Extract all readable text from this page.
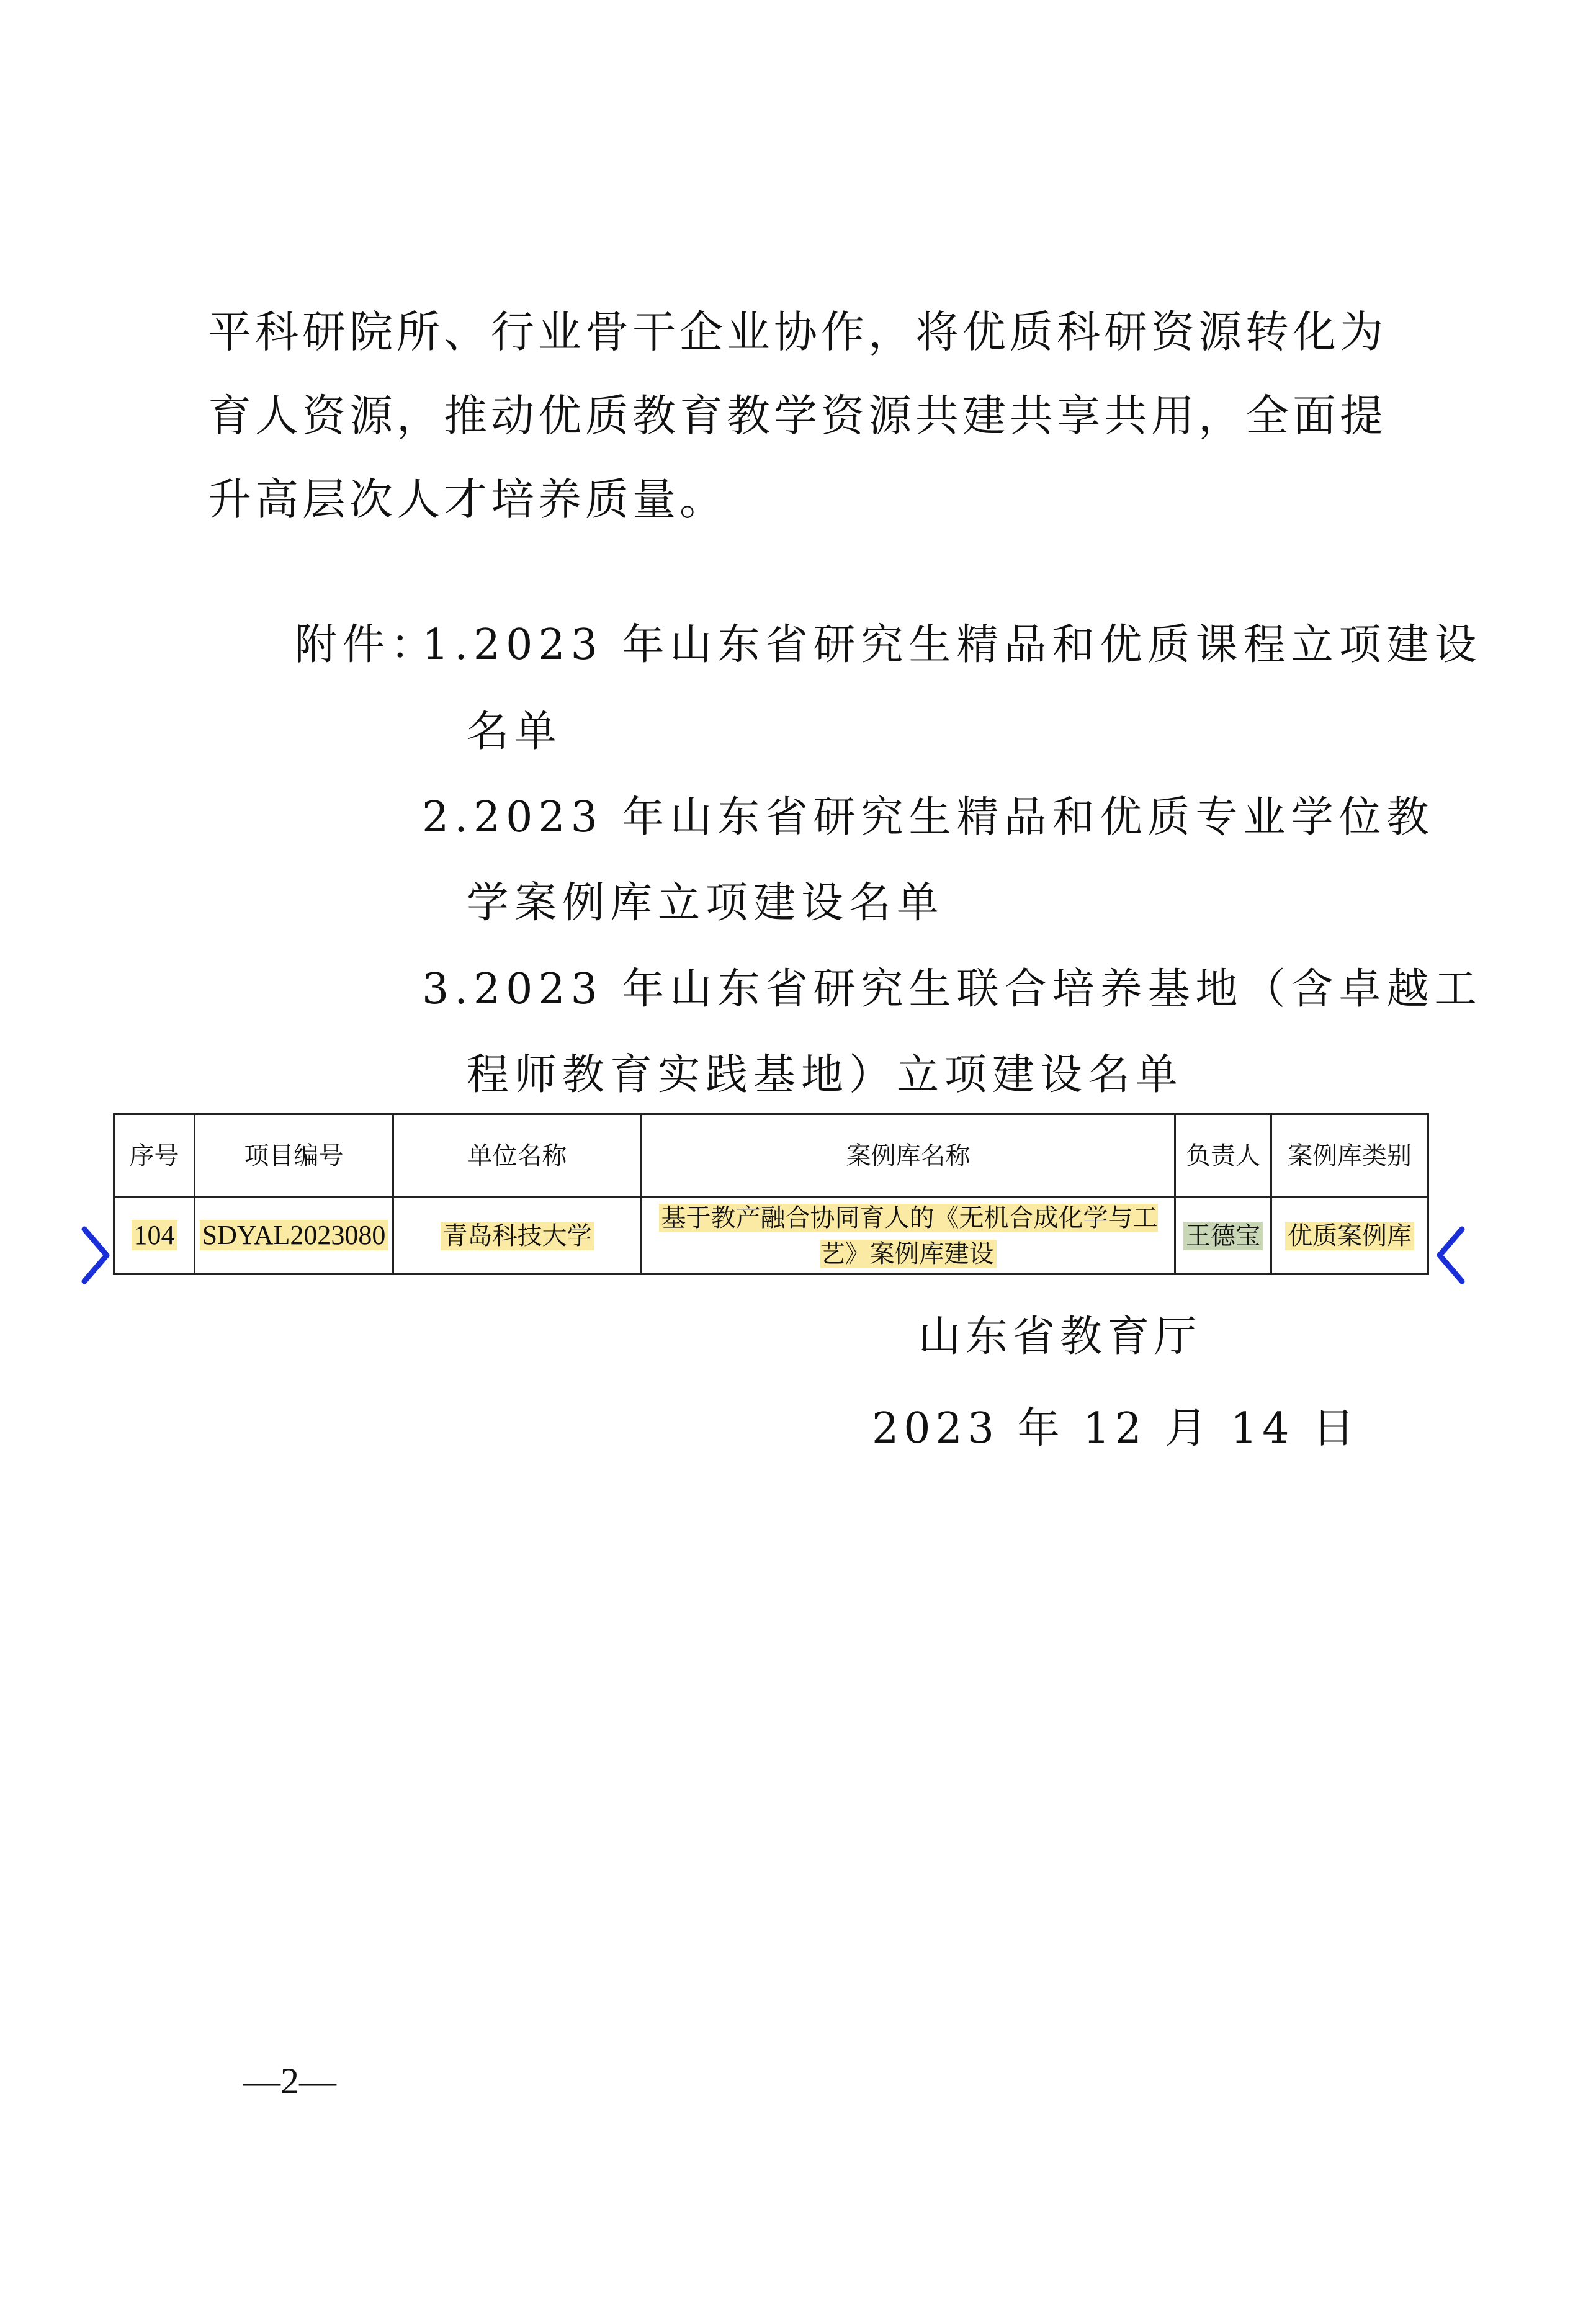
平科研院所、行业骨干企业协作，将优质科研资源转化为育人资源，推动优质教育教学资源共建共享共用，全面提升高层次人才培养质量。

附件：
1.2023 年山东省研究生精品和优质课程立项建设
名单
2.2023 年山东省研究生精品和优质专业学位教
学案例库立项建设名单
3.2023 年山东省研究生联合培养基地（含卓越工
程师教育实践基地）立项建设名单
序号	项目编号	单位名称	案例库名称	负责人	案例库类别
104	SDYAL2023080	青岛科技大学	基于教产融合协同育人的《无机合成化学与工艺》案例库建设	王德宝	优质案例库
山东省教育厅
2023 年 12 月 14 日
—2—
